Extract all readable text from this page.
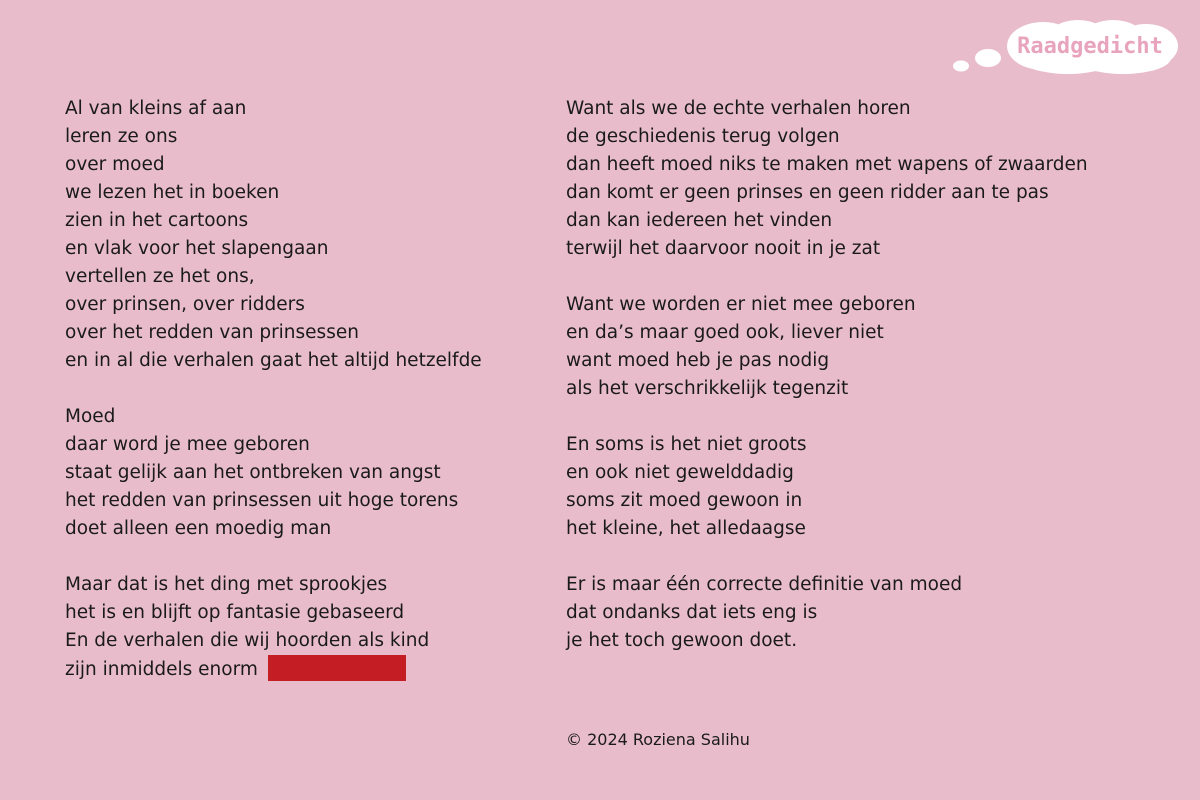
Raadgedicht
Al van kleins af aan
leren ze ons
over moed
we lezen het in boeken
zien in het cartoons
en vlak voor het slapengaan
vertellen ze het ons,
over prinsen, over ridders
over het redden van prinsessen
en in al die verhalen gaat het altijd hetzelfde
Moed
daar word je mee geboren
staat gelijk aan het ontbreken van angst
het redden van prinsessen uit hoge torens
doet alleen een moedig man
Maar dat is het ding met sprookjes
het is en blijft op fantasie gebaseerd
En de verhalen die wij hoorden als kind
zijn inmiddels enorm
Want als we de echte verhalen horen
de geschiedenis terug volgen
dan heeft moed niks te maken met wapens of zwaarden
dan komt er geen prinses en geen ridder aan te pas
dan kan iedereen het vinden
terwijl het daarvoor nooit in je zat
Want we worden er niet mee geboren
en da’s maar goed ook, liever niet
want moed heb je pas nodig
als het verschrikkelijk tegenzit
En soms is het niet groots
en ook niet gewelddadig
soms zit moed gewoon in
het kleine, het alledaagse
Er is maar één correcte definitie van moed
dat ondanks dat iets eng is
je het toch gewoon doet.
© 2024 Roziena Salihu
